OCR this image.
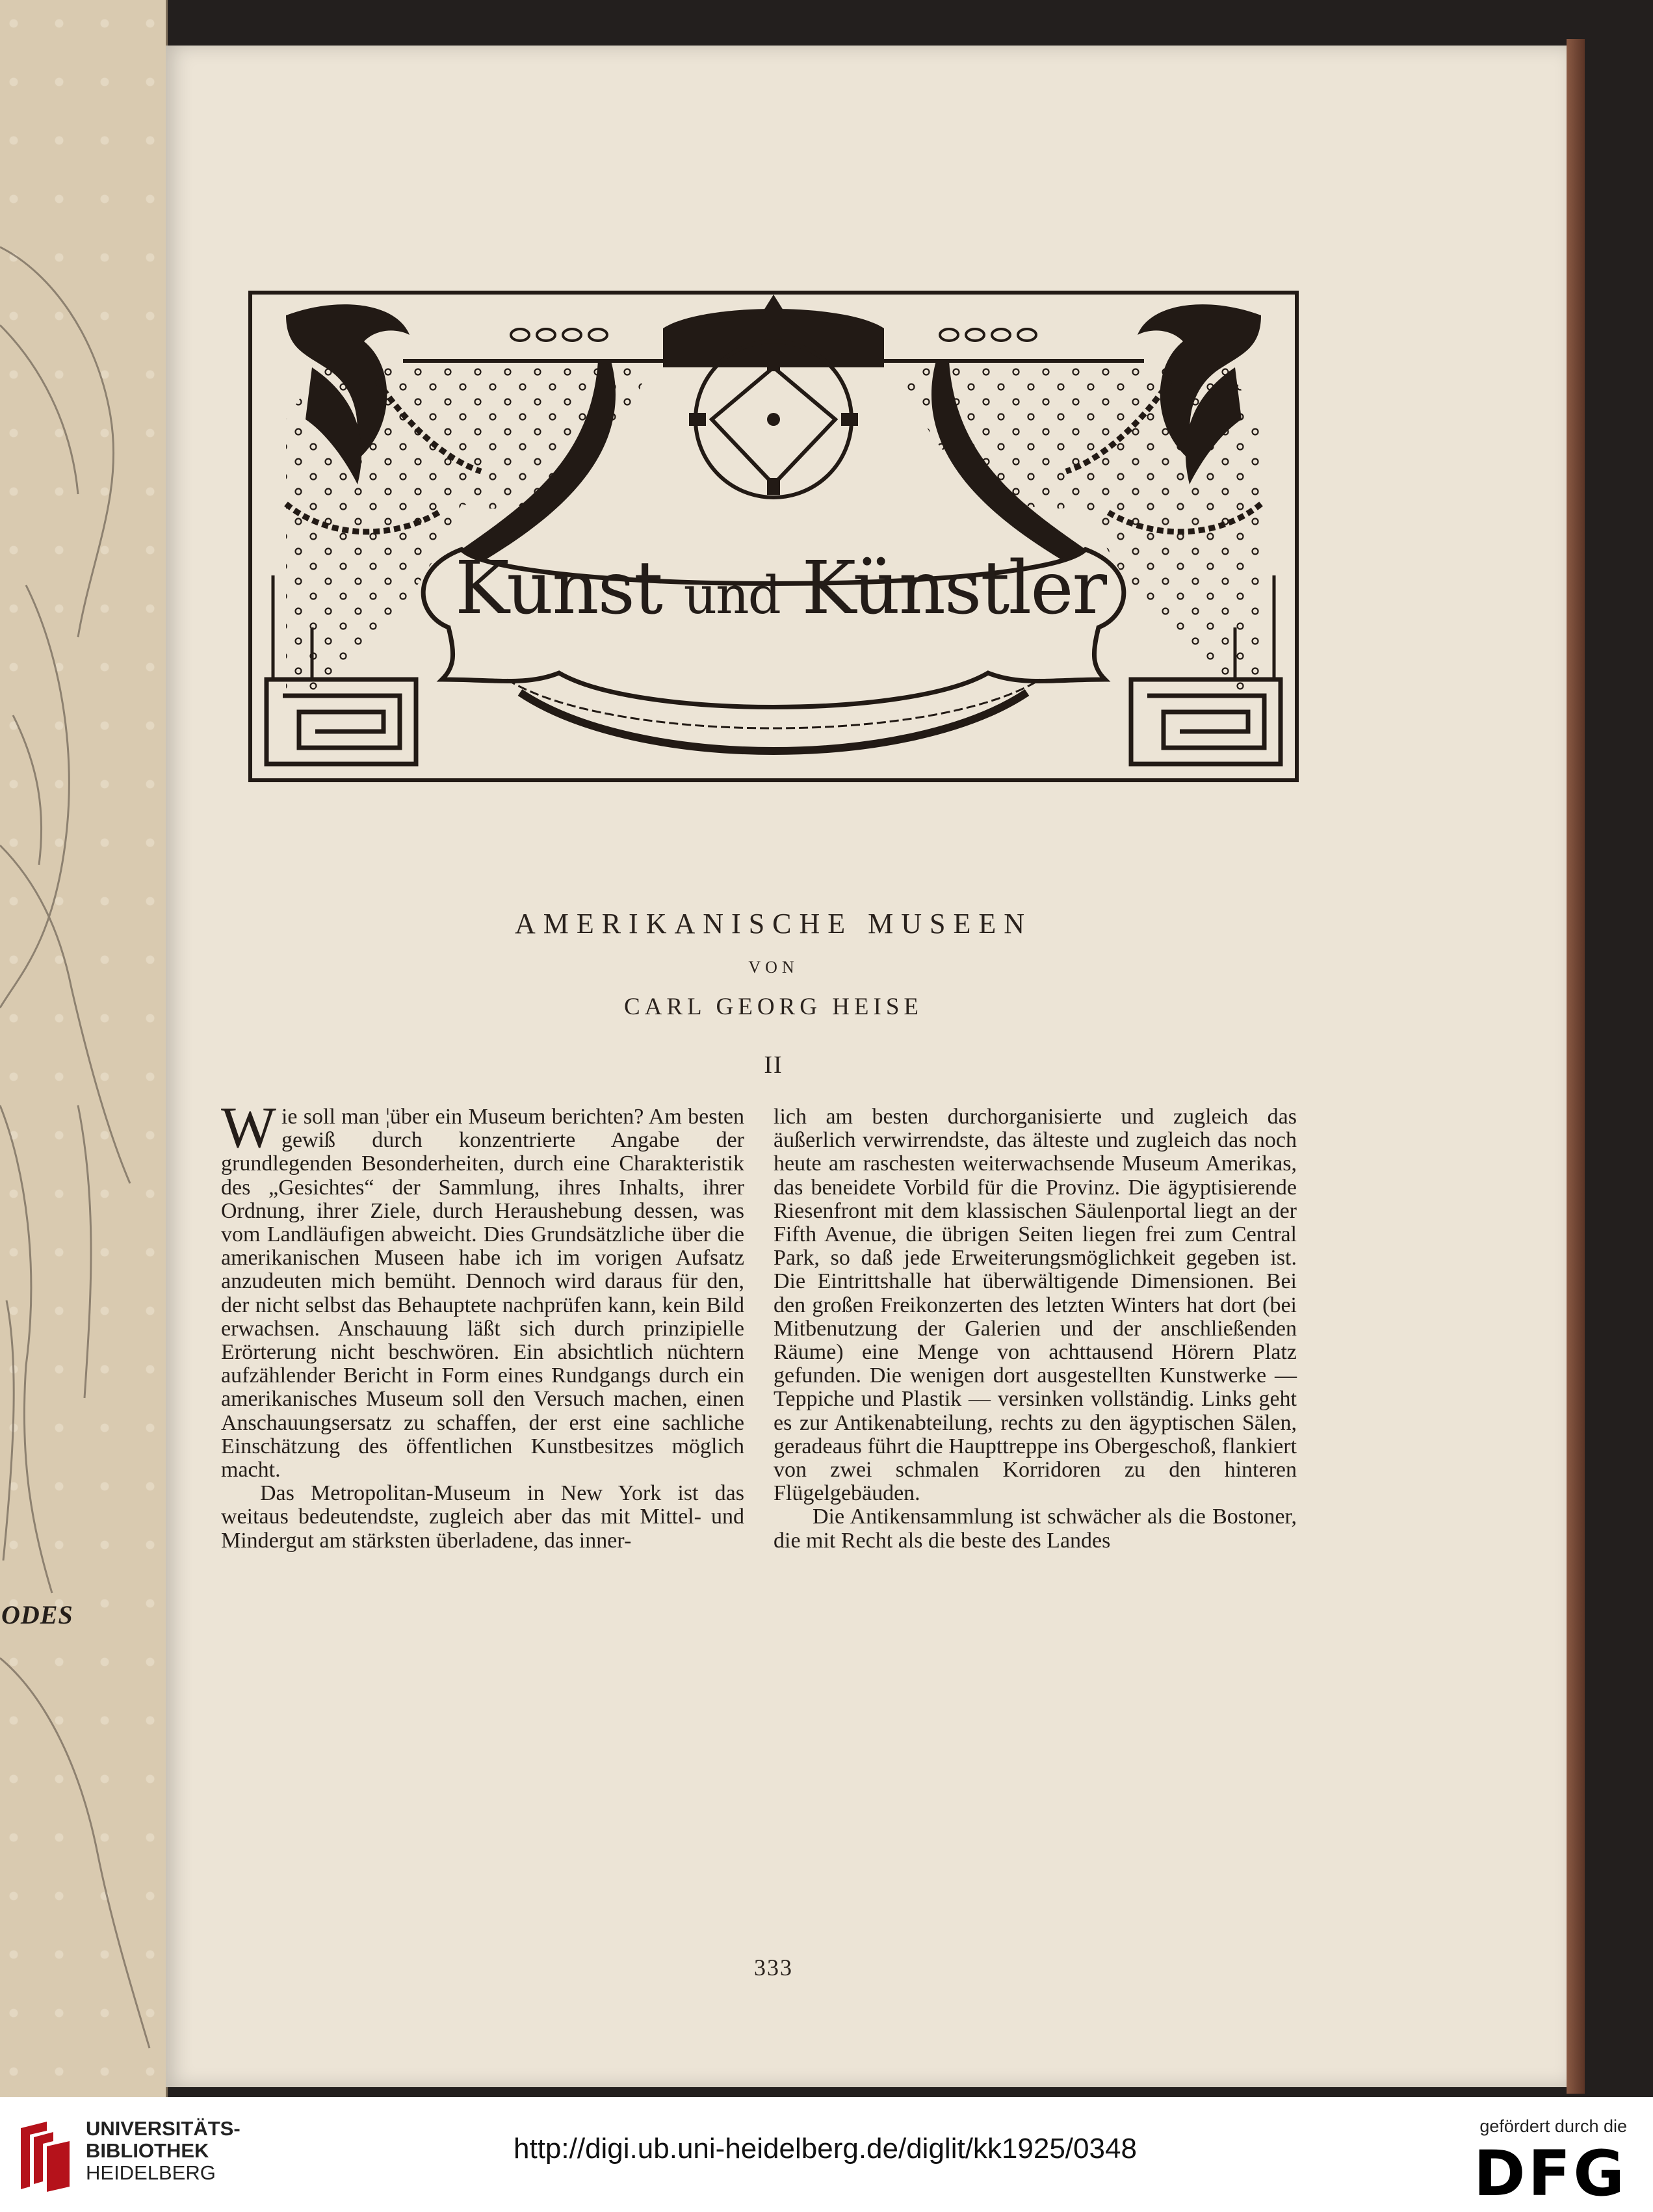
ODES
Kunst und Künstler
AMERIKANISCHE MUSEEN
VON
CARL GEORG HEISE
II

Wie soll man ¦über ein Museum berichten? Am besten gewiß durch konzentrierte Angabe der grundlegenden Besonderheiten, durch eine Charakteristik des „Gesichtes“ der Sammlung, ihres Inhalts, ihrer Ordnung, ihrer Ziele, durch Heraushebung dessen, was vom Landläufigen abweicht. Dies Grundsätzliche über die amerikanischen Museen habe ich im vorigen Aufsatz anzudeuten mich bemüht. Dennoch wird daraus für den, der nicht selbst das Behauptete nachprüfen kann, kein Bild erwachsen. Anschauung läßt sich durch prinzipielle Erörterung nicht beschwören. Ein absichtlich nüchtern aufzählender Bericht in Form eines Rundgangs durch ein amerikanisches Museum soll den Versuch machen, einen Anschauungsersatz zu schaffen, der erst eine sachliche Einschätzung des öffentlichen Kunstbesitzes möglich macht.

Das Metropolitan-Museum in New York ist das weitaus bedeutendste, zugleich aber das mit Mittel- und Mindergut am stärksten überladene, das inner-

lich am besten durchorganisierte und zugleich das äußerlich verwirrendste, das älteste und zugleich das noch heute am raschesten weiterwachsende Museum Amerikas, das beneidete Vorbild für die Provinz. Die ägyptisierende Riesenfront mit dem klassischen Säulenportal liegt an der Fifth Avenue, die übrigen Seiten liegen frei zum Central Park, so daß jede Erweiterungsmöglichkeit gegeben ist. Die Eintrittshalle hat überwältigende Dimensionen. Bei den großen Freikonzerten des letzten Winters hat dort (bei Mitbenutzung der Galerien und der anschließenden Räume) eine Menge von achttausend Hörern Platz gefunden. Die wenigen dort ausgestellten Kunstwerke — Teppiche und Plastik — versinken vollständig. Links geht es zur Antikenabteilung, rechts zu den ägyptischen Sälen, geradeaus führt die Haupttreppe ins Obergeschoß, flankiert von zwei schmalen Korridoren zu den hinteren Flügelgebäuden.

Die Antikensammlung ist schwächer als die Bostoner, die mit Recht als die beste des Landes

333
UNIVERSITÄTS-
BIBLIOTHEK
HEIDELBERG
http://digi.ub.uni-heidelberg.de/diglit/kk1925/0348
gefördert durch die
DFG
